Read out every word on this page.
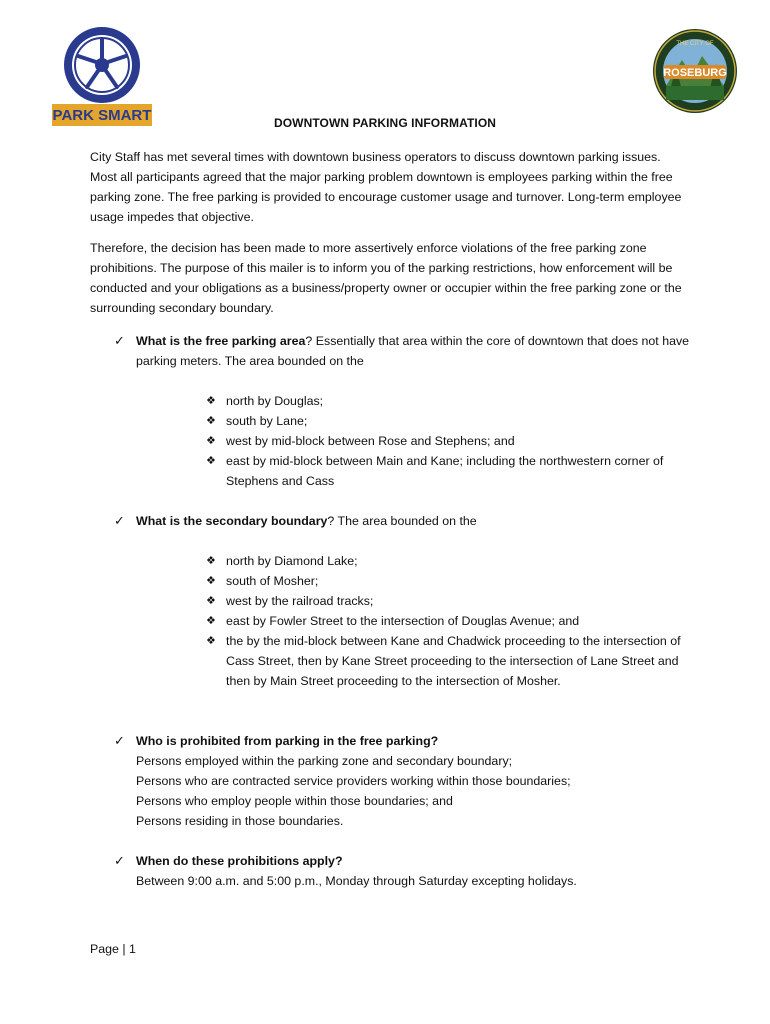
PARK SMART
ROSEBURG
THE CITY OF
DOWNTOWN PARKING INFORMATION

City Staff has met several times with downtown business operators to discuss downtown parking issues. Most all participants agreed that the major parking problem downtown is employees parking within the free parking zone. The free parking is provided to encourage customer usage and turnover. Long-term employee usage impedes that objective.

Therefore, the decision has been made to more assertively enforce violations of the free parking zone prohibitions. The purpose of this mailer is to inform you of the parking restrictions, how enforcement will be conducted and your obligations as a business/property owner or occupier within the free parking zone or the surrounding secondary boundary.

✓ What is the free parking area? Essentially that area within the core of downtown that does not have parking meters. The area bounded on the
❖ north by Douglas;
❖ south by Lane;
❖ west by mid-block between Rose and Stephens; and
❖ east by mid-block between Main and Kane; including the northwestern corner of Stephens and Cass
✓ What is the secondary boundary? The area bounded on the
❖ north by Diamond Lake;
❖ south of Mosher;
❖ west by the railroad tracks;
❖ east by Fowler Street to the intersection of Douglas Avenue; and
❖ the by the mid-block between Kane and Chadwick proceeding to the intersection of Cass Street, then by Kane Street proceeding to the intersection of Lane Street and then by Main Street proceeding to the intersection of Mosher.
✓ Who is prohibited from parking in the free parking?
Persons employed within the parking zone and secondary boundary;
Persons who are contracted service providers working within those boundaries;
Persons who employ people within those boundaries; and
Persons residing in those boundaries.
✓ When do these prohibitions apply?
Between 9:00 a.m. and 5:00 p.m., Monday through Saturday excepting holidays.
Page | 1
